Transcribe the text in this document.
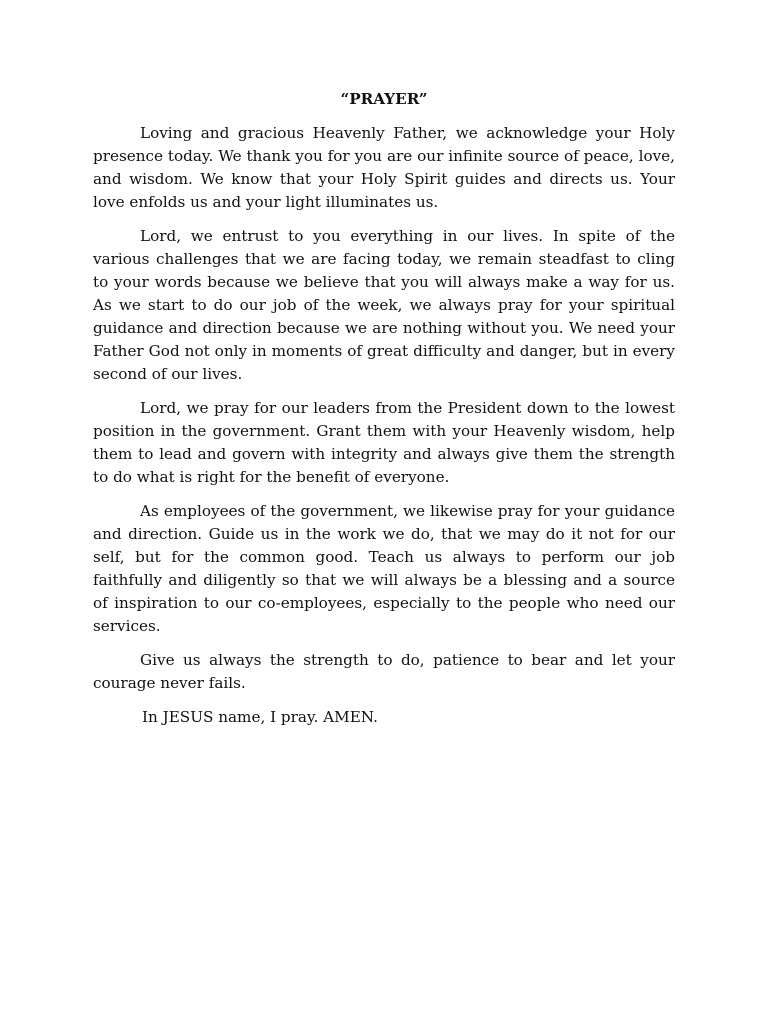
“PRAYER”

Loving and gracious Heavenly Father, we acknowledge your Holy presence today. We thank you for you are our infinite source of peace, love, and wisdom. We know that your Holy Spirit guides and directs us. Your love enfolds us and your light illuminates us.

Lord, we entrust to you everything in our lives. In spite of the various challenges that we are facing today, we remain steadfast to cling to your words because we believe that you will always make a way for us. As we start to do our job of the week, we always pray for your spiritual guidance and direction because we are nothing without you. We need your Father God not only in moments of great difficulty and danger, but in every second of our lives.

Lord, we pray for our leaders from the President down to the lowest position in the government. Grant them with your Heavenly wisdom, help them to lead and govern with integrity and always give them the strength to do what is right for the benefit of everyone.

As employees of the government, we likewise pray for your guidance and direction. Guide us in the work we do, that we may do it not for our self, but for the common good. Teach us always to perform our job faithfully and diligently so that we will always be a blessing and a source of inspiration to our co-employees, especially to the people who need our services.

Give us always the strength to do, patience to bear and let your courage never fails.

In JESUS name, I pray. AMEN.
